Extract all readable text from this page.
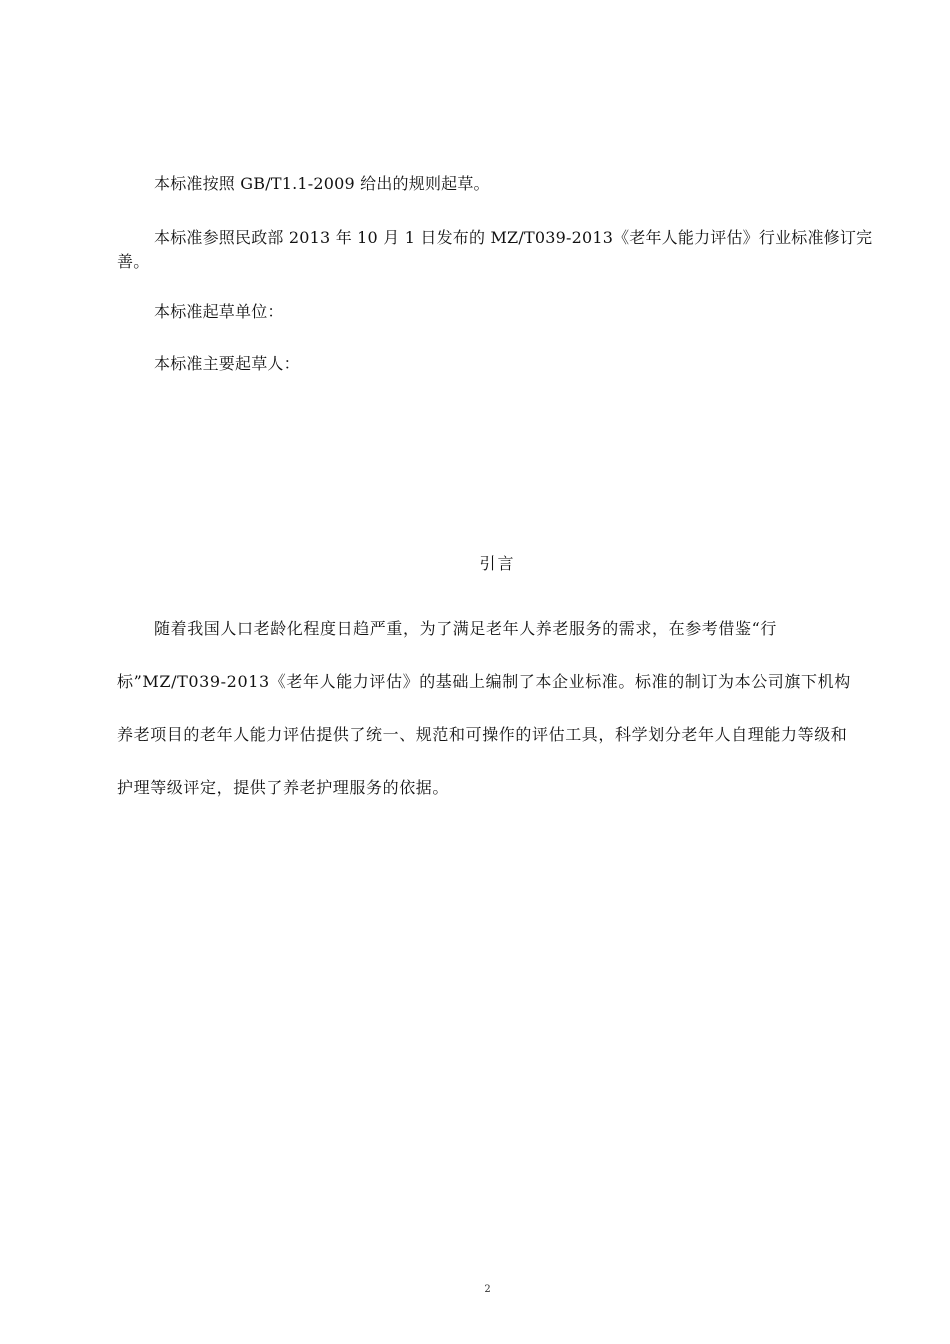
本标准按照 GB/T1.1-2009 给出的规则起草。

本标准参照民政部 2013 年 10 月 1 日发布的 MZ/T039-2013《老年人能力评估》行业标准修订完善。

本标准起草单位：

本标准主要起草人：

引言

随着我国人口老龄化程度日趋严重，为了满足老年人养老服务的需求，在参考借鉴“行标”MZ/T039-2013《老年人能力评估》的基础上编制了本企业标准。标准的制订为本公司旗下机构养老项目的老年人能力评估提供了统一、规范和可操作的评估工具，科学划分老年人自理能力等级和护理等级评定，提供了养老护理服务的依据。

2
